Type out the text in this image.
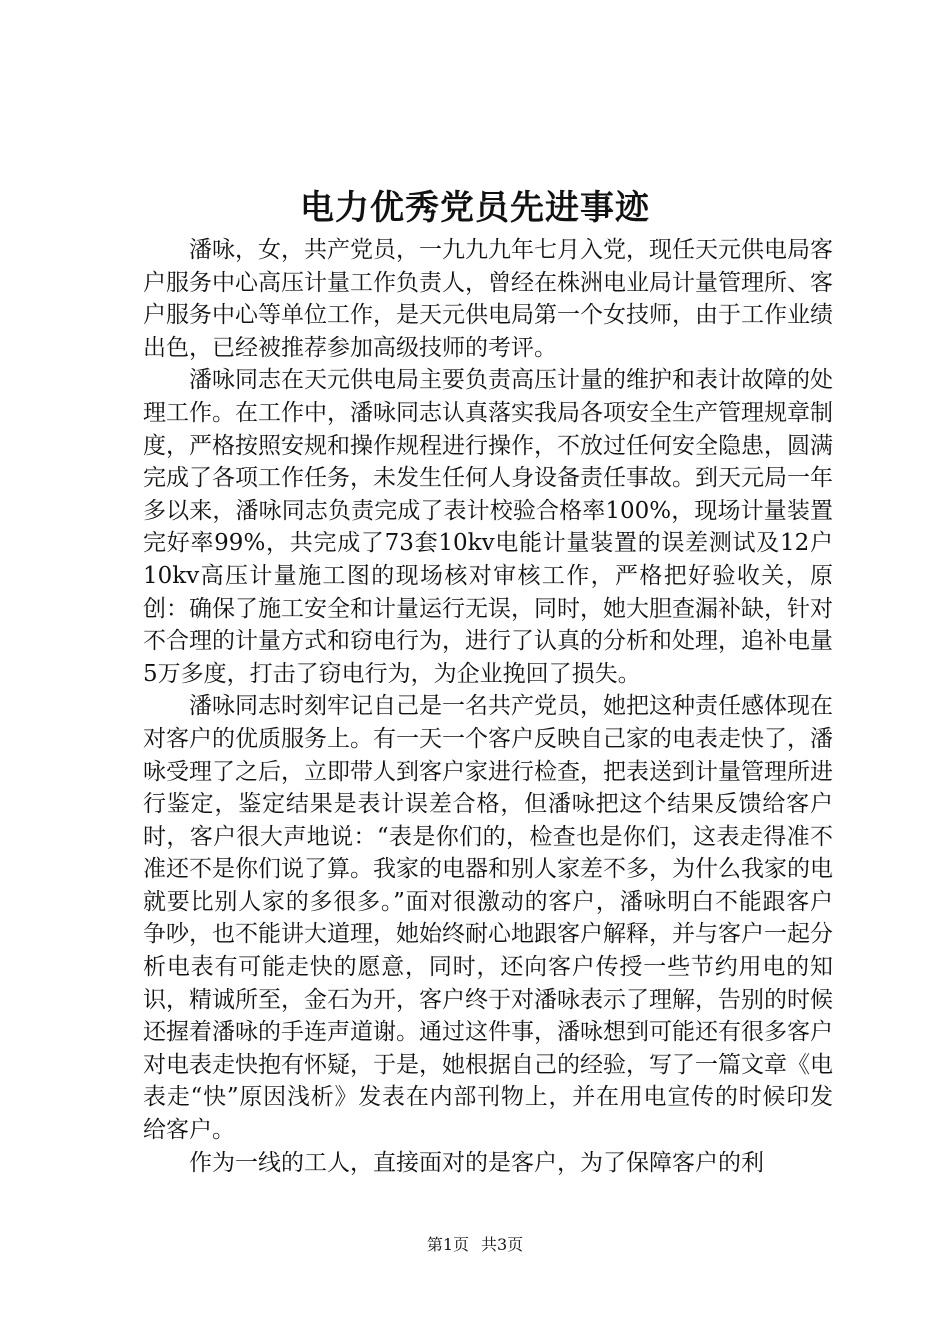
电力优秀党员先进事迹

潘咏，女，共产党员，一九九九年七月入党，现任天元供电局客户服务中心高压计量工作负责人，曾经在株洲电业局计量管理所、客户服务中心等单位工作，是天元供电局第一个女技师，由于工作业绩出色，已经被推荐参加高级技师的考评。

潘咏同志在天元供电局主要负责高压计量的维护和表计故障的处理工作。在工作中，潘咏同志认真落实我局各项安全生产管理规章制度，严格按照安规和操作规程进行操作，不放过任何安全隐患，圆满完成了各项工作任务，未发生任何人身设备责任事故。到天元局一年多以来，潘咏同志负责完成了表计校验合格率100%，现场计量装置完好率99%，共完成了73套10kv电能计量装置的误差测试及12户10kv高压计量施工图的现场核对审核工作，严格把好验收关，原创：确保了施工安全和计量运行无误，同时，她大胆查漏补缺，针对不合理的计量方式和窃电行为，进行了认真的分析和处理，追补电量5万多度，打击了窃电行为，为企业挽回了损失。

潘咏同志时刻牢记自己是一名共产党员，她把这种责任感体现在对客户的优质服务上。有一天一个客户反映自己家的电表走快了，潘咏受理了之后，立即带人到客户家进行检查，把表送到计量管理所进行鉴定，鉴定结果是表计误差合格，但潘咏把这个结果反馈给客户时，客户很大声地说：“表是你们的，检查也是你们，这表走得准不准还不是你们说了算。我家的电器和别人家差不多，为什么我家的电就要比别人家的多很多。”面对很激动的客户，潘咏明白不能跟客户争吵，也不能讲大道理，她始终耐心地跟客户解释，并与客户一起分析电表有可能走快的愿意，同时，还向客户传授一些节约用电的知识，精诚所至，金石为开，客户终于对潘咏表示了理解，告别的时候还握着潘咏的手连声道谢。通过这件事，潘咏想到可能还有很多客户对电表走快抱有怀疑，于是，她根据自己的经验，写了一篇文章《电表走“快”原因浅析》发表在内部刊物上，并在用电宣传的时候印发给客户。

作为一线的工人，直接面对的是客户，为了保障客户的利

第1页 共3页
